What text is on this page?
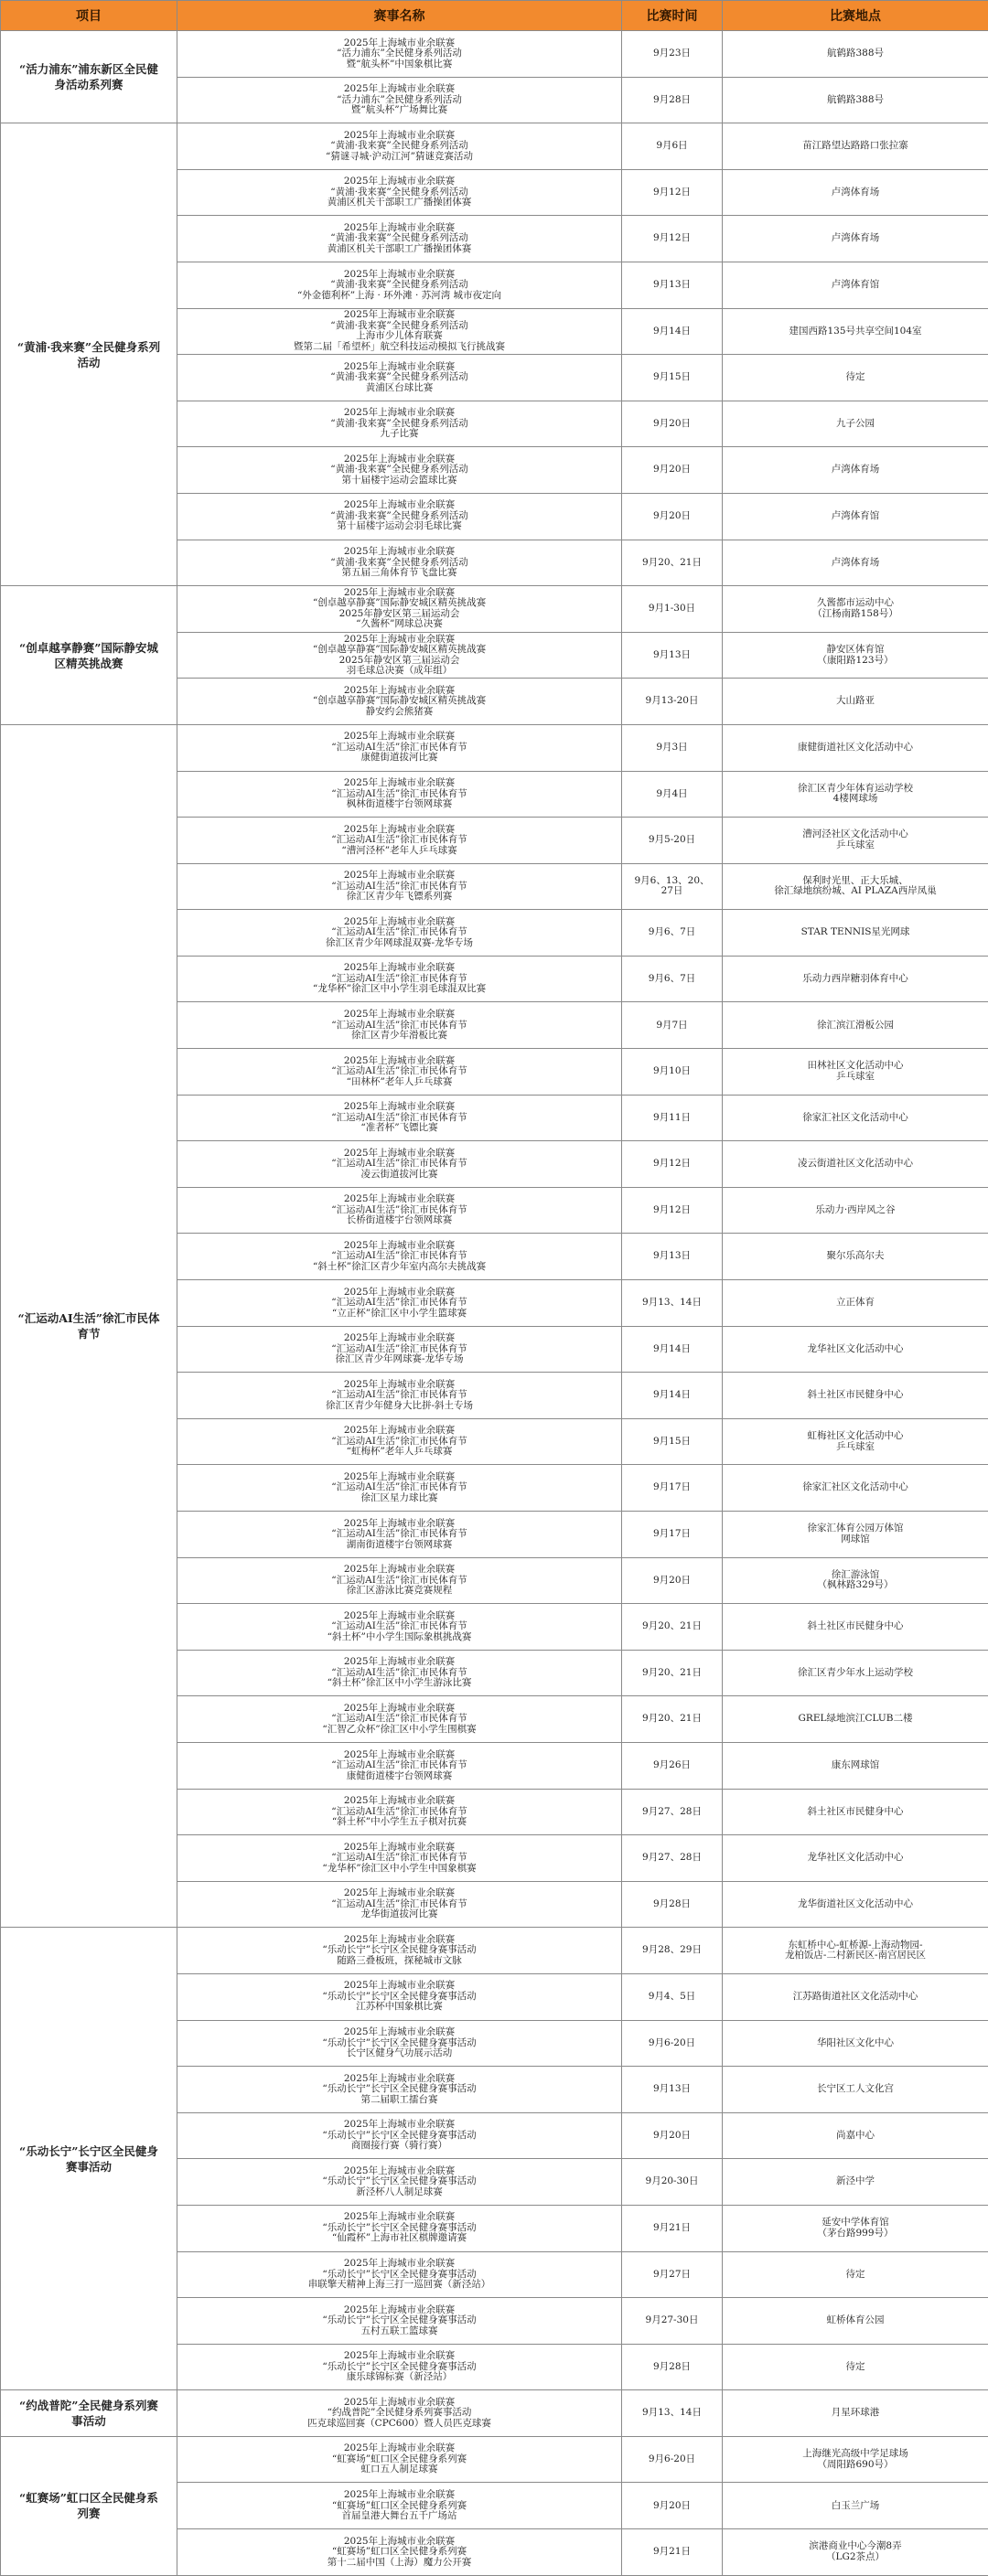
项目	赛事名称	比赛时间	比赛地点
“活力浦东”浦东新区全民健身活动系列赛	2025年上海城市业余联赛
“活力浦东”全民健身系列活动
暨“航头杯”中国象棋比赛	9月23日	航鹤路388号

	2025年上海城市业余联赛
“活力浦东”全民健身系列活动
暨“航头杯”广场舞比赛	9月28日	航鹤路388号

“黄浦·我来赛”全民健身系列活动	2025年上海城市业余联赛
“黄浦·我来赛”全民健身系列活动
“猜谜寻城·沪动江河”猜谜竞赛活动	9月6日	苗江路望达路路口张拉寨

	2025年上海城市业余联赛
“黄浦·我来赛”全民健身系列活动
黄浦区机关干部职工广播操团体赛	9月12日	卢湾体育场

	2025年上海城市业余联赛
“黄浦·我来赛”全民健身系列活动
黄浦区机关干部职工广播操团体赛	9月12日	卢湾体育场

	2025年上海城市业余联赛
“黄浦·我来赛”全民健身系列活动
“外金德利杯”上海 · 环外滩 · 苏河湾 城市夜定向	9月13日	卢湾体育馆

	2025年上海城市业余联赛
“黄浦·我来赛”全民健身系列活动
上海市少儿体育联赛
暨第二届「希望杯」航空科技运动模拟飞行挑战赛	9月14日	建国西路135号共享空间104室

	2025年上海城市业余联赛
“黄浦·我来赛”全民健身系列活动
黄浦区台球比赛	9月15日	待定

	2025年上海城市业余联赛
“黄浦·我来赛”全民健身系列活动
九子比赛	9月20日	九子公园

	2025年上海城市业余联赛
“黄浦·我来赛”全民健身系列活动
第十届楼宇运动会篮球比赛	9月20日	卢湾体育场

	2025年上海城市业余联赛
“黄浦·我来赛”全民健身系列活动
第十届楼宇运动会羽毛球比赛	9月20日	卢湾体育馆

	2025年上海城市业余联赛
“黄浦·我来赛”全民健身系列活动
第五届三角体育节飞盘比赛	9月20、21日	卢湾体育场

“创卓越享静赛”国际静安城区精英挑战赛	2025年上海城市业余联赛
“创卓越享静赛”国际静安城区精英挑战赛
2025年静安区第三届运动会
“久酱杯”网球总决赛	9月1-30日	久酱都市运动中心
（江杨南路158号）

	2025年上海城市业余联赛
“创卓越享静赛”国际静安城区精英挑战赛
2025年静安区第三届运动会
羽毛球总决赛（成年组）	9月13日	静安区体育馆
（康阳路123号）

	2025年上海城市业余联赛
“创卓越享静赛”国际静安城区精英挑战赛
静安约会熊猪赛	9月13-20日	大山路亚

“汇运动AI生活”徐汇市民体育节	2025年上海城市业余联赛
“汇运动AI生活”徐汇市民体育节
康健街道拔河比赛	9月3日	康健街道社区文化活动中心

	2025年上海城市业余联赛
“汇运动AI生活”徐汇市民体育节
枫林街道楼宇台领网球赛	9月4日	徐汇区青少年体育运动学校
4楼网球场

	2025年上海城市业余联赛
“汇运动AI生活”徐汇市民体育节
“漕河泾杯”老年人乒乓球赛	9月5-20日	漕河泾社区文化活动中心
乒乓球室

	2025年上海城市业余联赛
“汇运动AI生活”徐汇市民体育节
徐汇区青少年飞镖系列赛	9月6、13、20、
27日	保利时光里、正大乐城、
徐汇绿地缤纷城、AI PLAZA西岸凤巢

	2025年上海城市业余联赛
“汇运动AI生活”徐汇市民体育节
徐汇区青少年网球混双赛-龙华专场	9月6、7日	STAR TENNIS星光网球

	2025年上海城市业余联赛
“汇运动AI生活”徐汇市民体育节
“龙华杯”徐汇区中小学生羽毛球混双比赛	9月6、7日	乐动力西岸糖羽体育中心

	2025年上海城市业余联赛
“汇运动AI生活”徐汇市民体育节
徐汇区青少年滑板比赛	9月7日	徐汇滨江滑板公园

	2025年上海城市业余联赛
“汇运动AI生活”徐汇市民体育节
“田林杯”老年人乒乓球赛	9月10日	田林社区文化活动中心
乒乓球室

	2025年上海城市业余联赛
“汇运动AI生活”徐汇市民体育节
“准者杯”飞镖比赛	9月11日	徐家汇社区文化活动中心

	2025年上海城市业余联赛
“汇运动AI生活”徐汇市民体育节
凌云街道拔河比赛	9月12日	凌云街道社区文化活动中心

	2025年上海城市业余联赛
“汇运动AI生活”徐汇市民体育节
长桥街道楼宇台领网球赛	9月12日	乐动力·西岸风之谷

	2025年上海城市业余联赛
“汇运动AI生活”徐汇市民体育节
“斜土杯”徐汇区青少年室内高尔夫挑战赛	9月13日	聚尔乐高尔夫

	2025年上海城市业余联赛
“汇运动AI生活”徐汇市民体育节
“立正杯”徐汇区中小学生篮球赛	9月13、14日	立正体育

	2025年上海城市业余联赛
“汇运动AI生活”徐汇市民体育节
徐汇区青少年网球赛-龙华专场	9月14日	龙华社区文化活动中心

	2025年上海城市业余联赛
“汇运动AI生活”徐汇市民体育节
徐汇区青少年健身大比拼-斜土专场	9月14日	斜土社区市民健身中心

	2025年上海城市业余联赛
“汇运动AI生活”徐汇市民体育节
“虹梅杯”老年人乒乓球赛	9月15日	虹梅社区文化活动中心
乒乓球室

	2025年上海城市业余联赛
“汇运动AI生活”徐汇市民体育节
徐汇区星力球比赛	9月17日	徐家汇社区文化活动中心

	2025年上海城市业余联赛
“汇运动AI生活”徐汇市民体育节
湖南街道楼宇台领网球赛	9月17日	徐家汇体育公园万体馆
网球馆

	2025年上海城市业余联赛
“汇运动AI生活”徐汇市民体育节
徐汇区游泳比赛竞赛规程	9月20日	徐汇游泳馆
（枫林路329号）

	2025年上海城市业余联赛
“汇运动AI生活”徐汇市民体育节
“斜土杯”中小学生国际象棋挑战赛	9月20、21日	斜土社区市民健身中心

	2025年上海城市业余联赛
“汇运动AI生活”徐汇市民体育节
“斜土杯”徐汇区中小学生游泳比赛	9月20、21日	徐汇区青少年水上运动学校

	2025年上海城市业余联赛
“汇运动AI生活”徐汇市民体育节
“汇智乙众杯”徐汇区中小学生围棋赛	9月20、21日	GREL绿地滨江CLUB二楼

	2025年上海城市业余联赛
“汇运动AI生活”徐汇市民体育节
康健街道楼宇台领网球赛	9月26日	康东网球馆

	2025年上海城市业余联赛
“汇运动AI生活”徐汇市民体育节
“斜土杯”中小学生五子棋对抗赛	9月27、28日	斜土社区市民健身中心

	2025年上海城市业余联赛
“汇运动AI生活”徐汇市民体育节
“龙华杯”徐汇区中小学生中国象棋赛	9月27、28日	龙华社区文化活动中心

	2025年上海城市业余联赛
“汇运动AI生活”徐汇市民体育节
龙华街道拔河比赛	9月28日	龙华街道社区文化活动中心

“乐动长宁”长宁区全民健身赛事活动	2025年上海城市业余联赛
“乐动长宁”长宁区全民健身赛事活动
随路三叠板班，探秘城市文脉	9月28、29日	东虹桥中心-虹桥源-上海动物园-
龙柏饭店-二村新民区-南宫居民区

	2025年上海城市业余联赛
“乐动长宁”长宁区全民健身赛事活动
江苏杯中国象棋比赛	9月4、5日	江苏路街道社区文化活动中心

	2025年上海城市业余联赛
“乐动长宁”长宁区全民健身赛事活动
长宁区健身气功展示活动	9月6-20日	华阳社区文化中心

	2025年上海城市业余联赛
“乐动长宁”长宁区全民健身赛事活动
第二届职工擂台赛	9月13日	长宁区工人文化宫

	2025年上海城市业余联赛
“乐动长宁”长宁区全民健身赛事活动
商圈接行赛（骑行赛）	9月20日	尚嘉中心

	2025年上海城市业余联赛
“乐动长宁”长宁区全民健身赛事活动
新泾杯八人制足球赛	9月20-30日	新泾中学

	2025年上海城市业余联赛
“乐动长宁”长宁区全民健身赛事活动
“仙霞杯”上海市社区棋牌邀请赛	9月21日	延安中学体育馆
（茅台路999号）

	2025年上海城市业余联赛
“乐动长宁”长宁区全民健身赛事活动
串联擎天精神上海三打一巡回赛（新泾站）	9月27日	待定

	2025年上海城市业余联赛
“乐动长宁”长宁区全民健身赛事活动
五村五联工篮球赛	9月27-30日	虹桥体育公园

	2025年上海城市业余联赛
“乐动长宁”长宁区全民健身赛事活动
康乐球锦标赛（新泾站）	9月28日	待定

“约战普陀”全民健身系列赛事活动	2025年上海城市业余联赛
“约战普陀”全民健身系列赛事活动
匹克球巡回赛（CPC600）暨人员匹克球赛	9月13、14日	月星环球港

“虹赛场”虹口区全民健身系列赛	2025年上海城市业余联赛
“虹赛场”虹口区全民健身系列赛
虹口五人制足球赛	9月6-20日	上海继光高级中学足球场
（周阳路690号）

	2025年上海城市业余联赛
“虹赛场”虹口区全民健身系列赛
首届皇港大舞台五千广场站	9月20日	白玉兰广场

	2025年上海城市业余联赛
“虹赛场”虹口区全民健身系列赛
第十二届中国（上海）魔力公开赛	9月21日	滨港商业中心今潮8弄
（LG2茶点）
